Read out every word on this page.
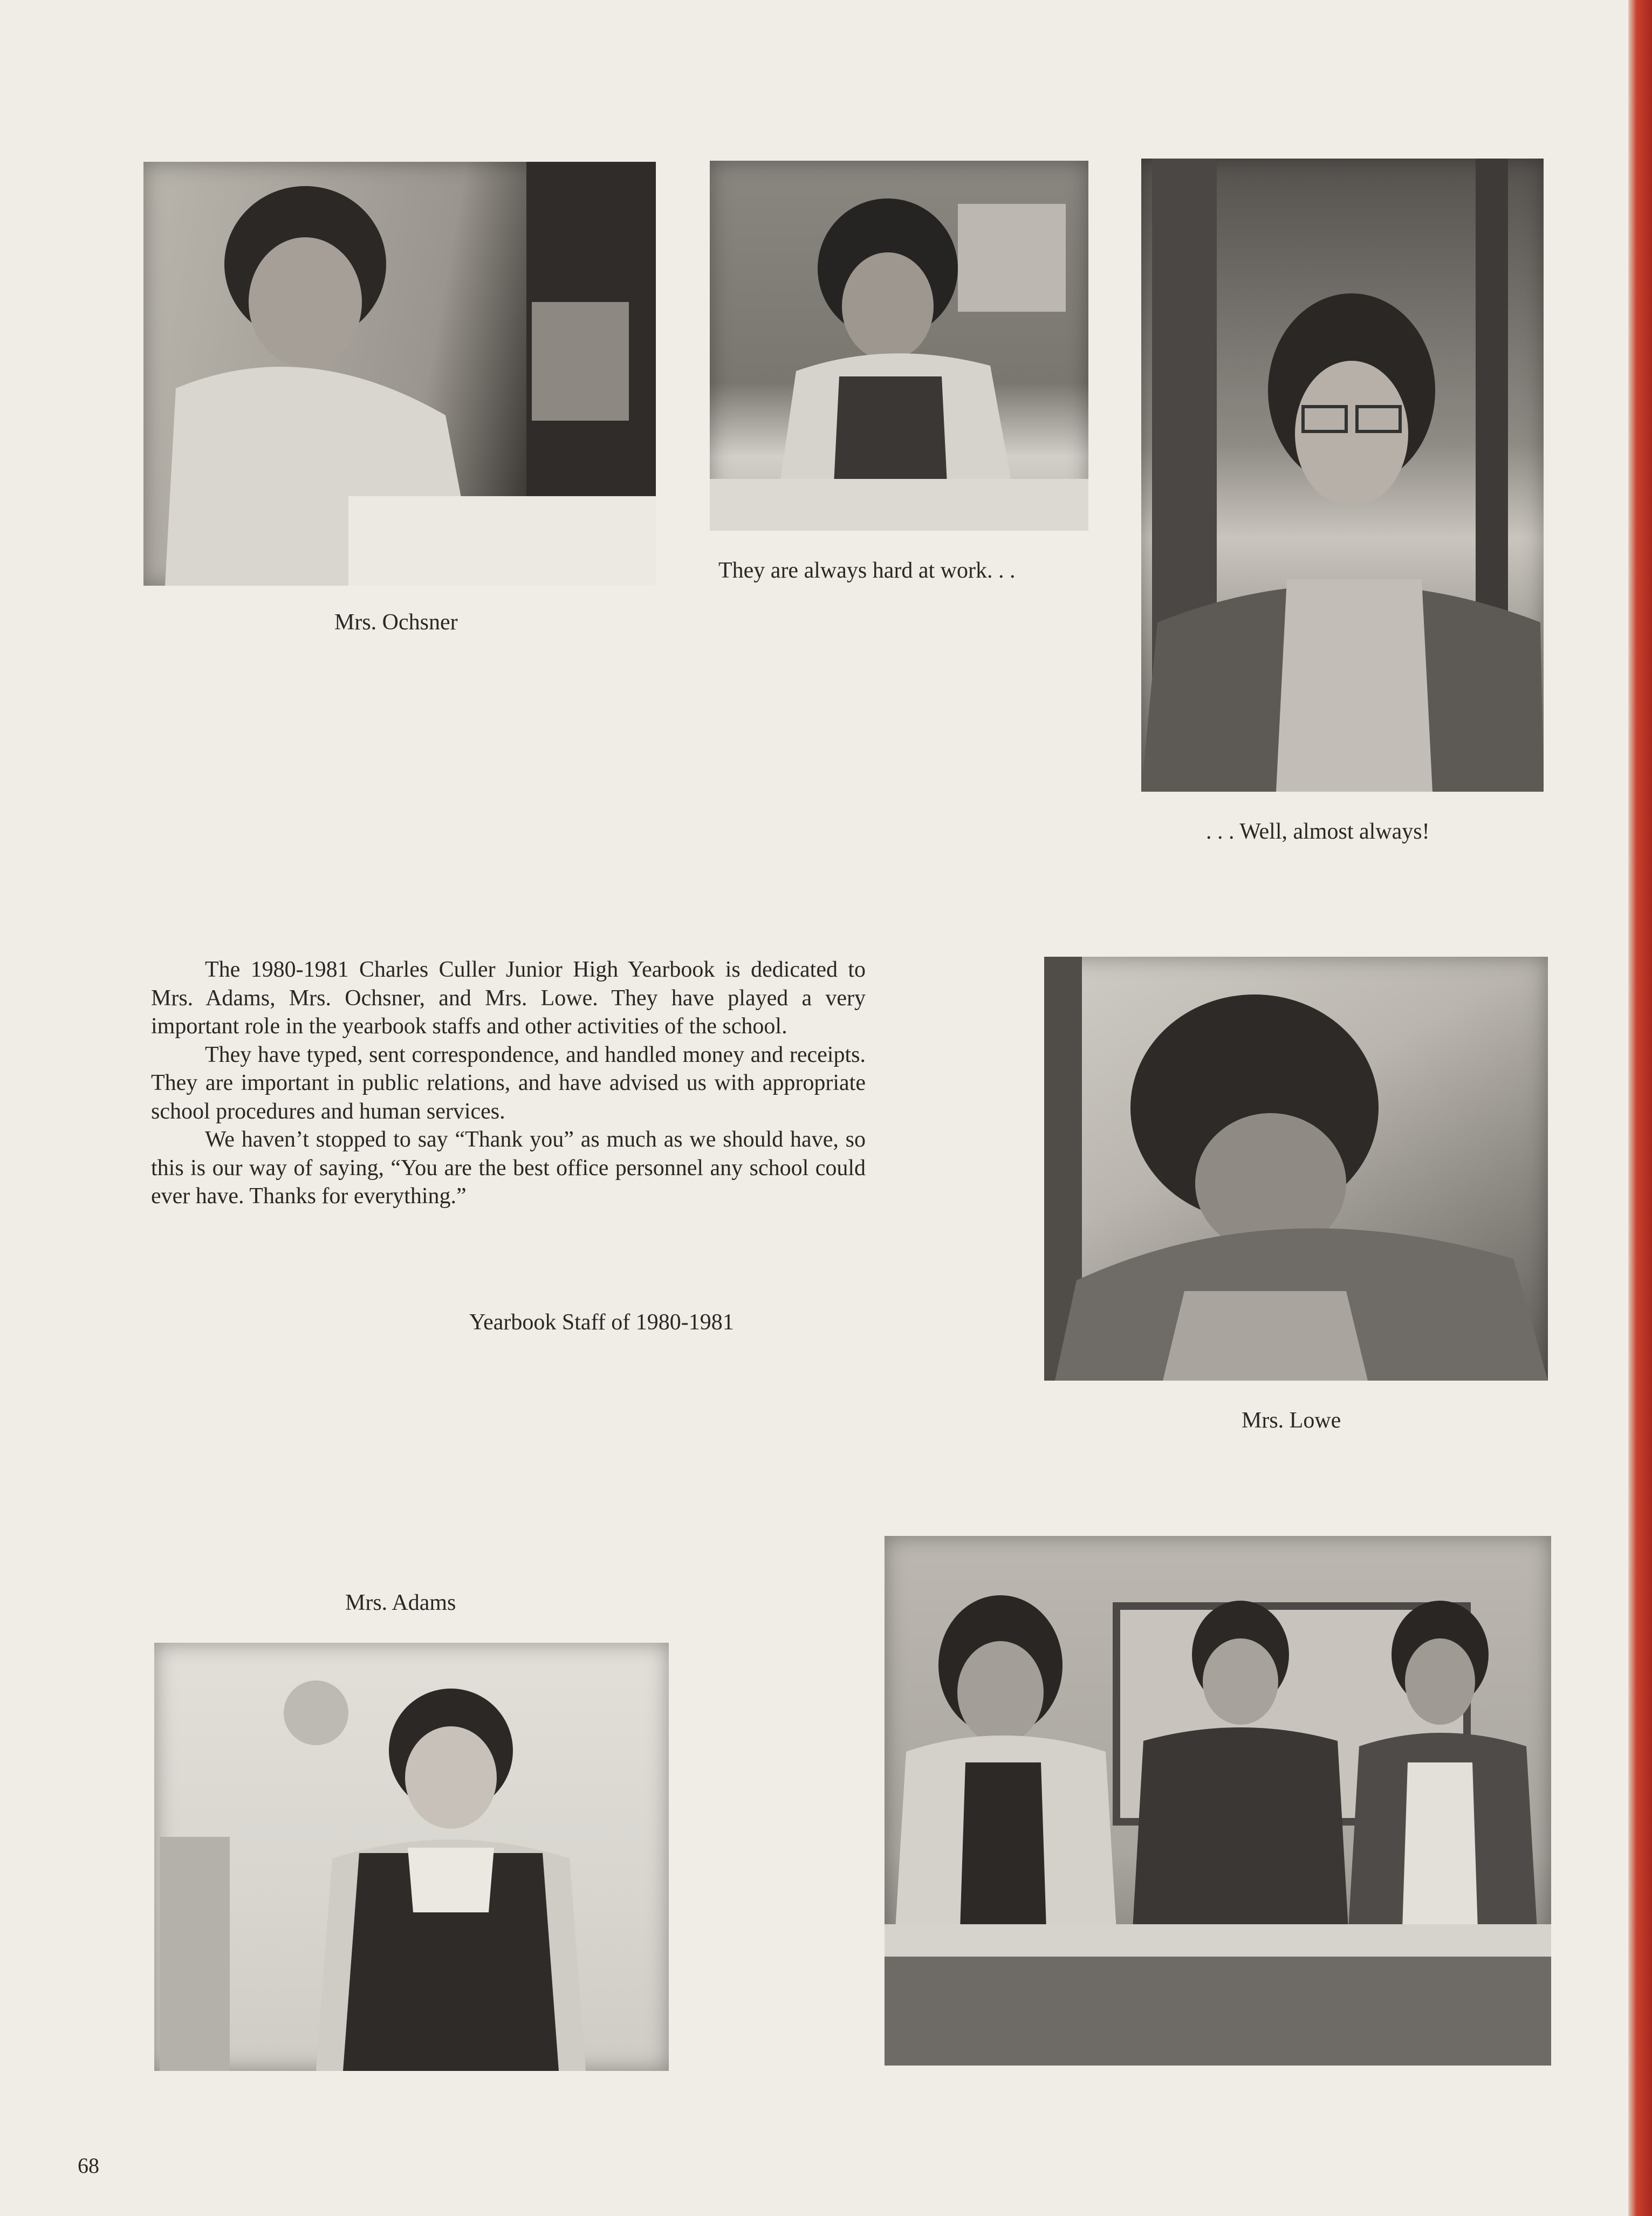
Mrs. Ochsner
They are always hard at work. . .
. . . Well, almost always!

The 1980-1981 Charles Culler Junior High Yearbook is dedicated to Mrs. Adams, Mrs. Ochsner, and Mrs. Lowe. They have played a very important role in the yearbook staffs and other activities of the school.

They have typed, sent correspondence, and handled money and receipts. They are important in public relations, and have advised us with appropriate school procedures and human services.

We haven’t stopped to say “Thank you” as much as we should have, so this is our way of saying, “You are the best office personnel any school could ever have. Thanks for everything.”

Yearbook Staff of 1980-1981
Mrs. Lowe
Mrs. Adams
68
